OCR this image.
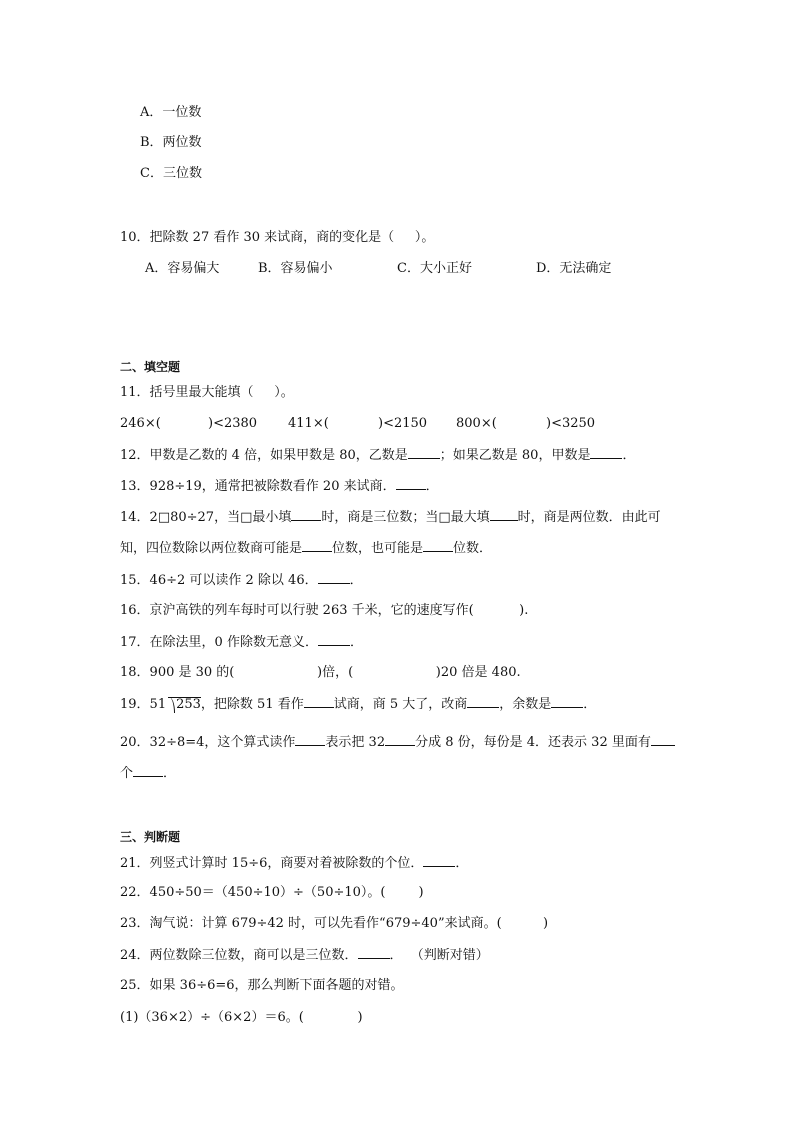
A．一位数
B．两位数
C．三位数
10．把除数 27 看作 30 来试商，商的变化是（     ）。
A．容易偏大	B．容易偏小	C．大小正好	D．无法确定
二、填空题
11．括号里最大能填（     ）。
246×(	)<2380 411×(	)<2150 800×(	)<3250
12．甲数是乙数的 4 倍，如果甲数是 80，乙数是 ；如果乙数是 80，甲数是 ．
13．928÷19，通常把被除数看作 20 来试商． ．
14．2□80÷27，当□最小填 时，商是三位数；当□最大填 时，商是两位数．由此可
知，四位数除以两位数商可能是 位数，也可能是 位数．
15．46÷2 可以读作 2 除以 46． ．
16．京沪高铁的列车每时可以行驶 263 千米，它的速度写作(           ).
17．在除法里，0 作除数无意义． ．
18．900 是 30 的(                    )倍，(                    )20 倍是 480.
19．51 253，把除数 51 看作 试商，商 5 大了，改商 ，余数是 ．
20．32÷8=4，这个算式读作 表示把 32 分成 8 份，每份是 4．还表示 32 里面有
个 ．
三、判断题
21．列竖式计算时 15÷6，商要对着被除数的个位． ．
22．450÷50＝（450÷10）÷（50÷10）。(        )
23．淘气说：计算 679÷42 时，可以先看作“679÷40”来试商。(          )
24．两位数除三位数，商可以是三位数． ．  （判断对错）
25．如果 36÷6=6，那么判断下面各题的对错。
(1)（36×2）÷（6×2）＝6。(             )
